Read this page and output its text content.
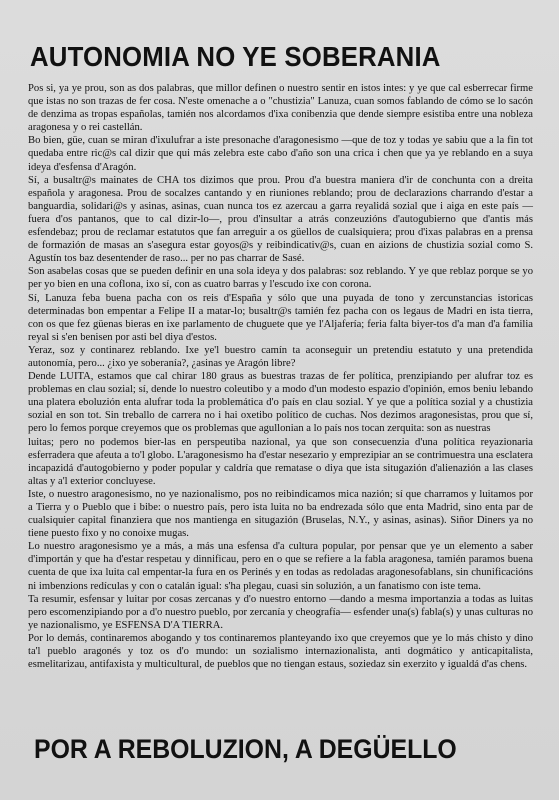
AUTONOMIA NO YE SOBERANIA

Pos si, ya ye prou, son as dos palabras, que millor definen o nuestro sentir en istos intes: y ye que cal esberrecar firme que istas no son trazas de fer cosa. N'este omenache a o "chustizia" Lanuza, cuan somos fablando de cómo se lo sacón de denzima as tropas españolas, tamién nos alcordamos d'ixa conibenzia que dende siempre esistiba entre una nobleza aragonesa y o rei castellán.

Bo bien, güe, cuan se miran d'ixulufrar a iste presonache d'aragonesismo —que de toz y todas ye sabiu que a la fin tot quedaba entre ric@s cal dizir que qui más zelebra este cabo d'año son una crica i chen que ya ye reblando en a suya ideya d'esfensa d'Aragón.

Sí, a busaltr@s mainates de CHA tos dizimos que prou. Prou d'a buestra maniera d'ir de conchunta con a dreita española y aragonesa. Prou de socalzes cantando y en riuniones reblando; prou de declarazions charrando d'estar a banguardia, solidari@s y asinas, asinas, cuan nunca tos ez azercau a garra reyalidá sozial que i aiga en este país —fuera d'os pantanos, que to cal dizir-lo—, prou d'insultar a atrás conzeuzións d'autogubierno que d'antis más esfendebaz; prou de reclamar estatutos que fan arreguir a os güellos de cualsiquiera; prou d'ixas palabras en a prensa de formazión de masas an s'asegura estar goyos@s y reibindicativ@s, cuan en aizions de chustizia sozial como S. Agustín tos baz desentender de raso... per no pas charrar de Sasé.

Son asabelas cosas que se pueden definir en una sola ideya y dos palabras: soz reblando. Y ye que reblaz porque se yo per yo bien en una coflona, ixo sí, con as cuatro barras y l'escudo ixe con corona.

Sí, Lanuza feba buena pacha con os reis d'España y sólo que una puyada de tono y zercunstancias istoricas determinadas bon empentar a Felipe II a matar-lo; busaltr@s tamién fez pacha con os legaus de Madri en ista tierra, con os que fez güenas bieras en ixe parlamento de chuguete que ye l'Aljafería; feria falta biyer-tos d'a man d'a familia reyal si s'en benisen por asti bel diya d'estos.

Yeraz, soz y continarez reblando. Ixe ye'l buestro camín ta aconseguir un pretendiu estatuto y una pretendida autonomía, pero... ¿ixo ye soberanía?, ¿asinas ye Aragón libre?

Dende LUITA, estamos que cal chirar 180 graus as buestras trazas de fer política, prenzipiando per alufrar toz es problemas en clau sozial; sí, dende lo nuestro coleutibo y a modo d'un modesto espazio d'opinión, emos beniu lebando una platera eboluzión enta alufrar toda la problemática d'o país en clau sozial. Y ye que a política sozial y a chustizia sozial en son tot. Sin treballo de carrera no i hai oxetibo político de cuchas. Nos dezimos aragonesistas, prou que sí, pero lo femos porque creyemos que os problemas que agullonian a lo país nos tocan zerquita: son as nuestras

luitas; pero no podemos bier-las en perspeutiba nazional, ya que son consecuenzia d'una política reyazionaria esferradera que afeuta a to'l globo. L'aragonesismo ha d'estar nesezario y emprezipiar an se contrimuestra una esclatera incapazidá d'autogobierno y poder popular y caldría que rematase o diya que ista situgazión d'alienazión a las clases altas y a'l exterior concluyese.

Iste, o nuestro aragonesismo, no ye nazionalismo, pos no reibindicamos mica nazión; sí que charramos y luitamos por a Tierra y o Pueblo que i bibe: o nuestro país, pero ista luita no ba endrezada sólo que enta Madrid, sino enta par de cualsiquier capital finanziera que nos mantienga en situgazión (Bruselas, N.Y., y asinas, asinas). Siñor Diners ya no tiene puesto fixo y no conoixe mugas.

Lo nuestro aragonesismo ye a más, a más una esfensa d'a cultura popular, por pensar que ye un elemento a saber d'importán y que ha d'estar respetau y dinnificau, pero en o que se refiere a la fabla aragonesa, tamién paramos buena cuenta de que ixa luita cal empentar-la fura en os Perinés y en todas as redoladas aragonesofablans, sin chunificacións ni imbenzions redículas y con o catalán igual: s'ha plegau, cuasi sin soluzión, a un fanatismo con iste tema.

Ta resumir, esfensar y luitar por cosas zercanas y d'o nuestro entorno —dando a mesma importanzia a todas as luitas pero escomenzipiando por a d'o nuestro pueblo, por zercanía y cheografía— esfender una(s) fabla(s) y unas culturas no ye nazionalismo, ye ESFENSA D'A TIERRA.

Por lo demás, continaremos abogando y tos continaremos planteyando ixo que creyemos que ye lo más chisto y dino ta'l pueblo aragonés y toz os d'o mundo: un sozialismo internazionalista, anti dogmático y anticapitalista, esmelitarizau, antifaxista y multicultural, de pueblos que no tiengan estaus, soziedaz sin exerzito y igualdá d'as chens.

POR A REBOLUZION, A DEGÜELLO
